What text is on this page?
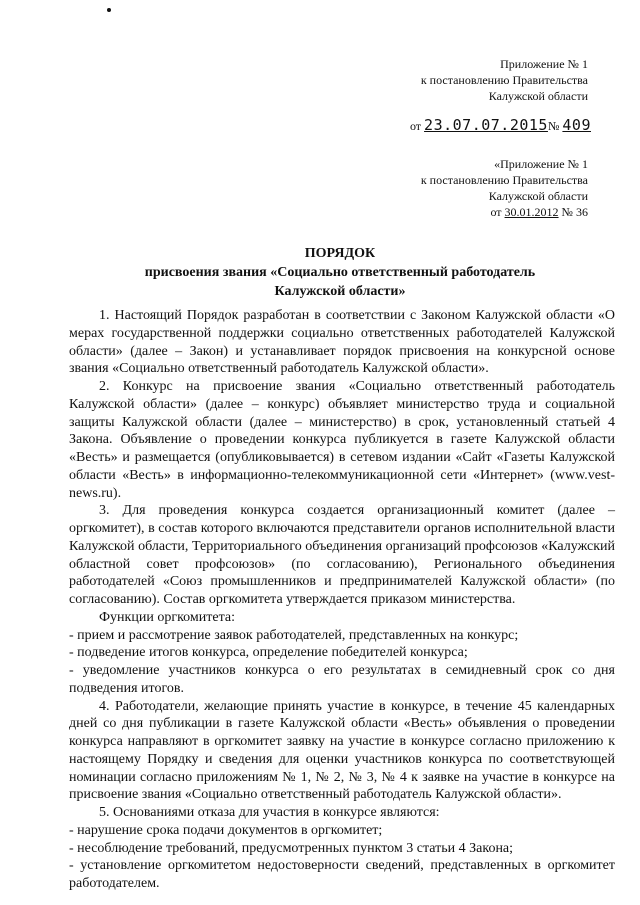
Приложение № 1
к постановлению Правительства
Калужской области
от 23.07.07.2015№ 409
«Приложение № 1
к постановлению Правительства
Калужской области
от 30.01.2012 № 36
ПОРЯДОК
присвоения звания «Социально ответственный работодатель
Калужской области»

1. Настоящий Порядок разработан в соответствии с Законом Калужской области «О мерах государственной поддержки социально ответственных работодателей Калужской области» (далее – Закон) и устанавливает порядок присвоения на конкурсной основе звания «Социально ответственный работодатель Калужской области».

2. Конкурс на присвоение звания «Социально ответственный работодатель Калужской области» (далее – конкурс) объявляет министерство труда и социальной защиты Калужской области (далее – министерство) в срок, установленный статьей 4 Закона. Объявление о проведении конкурса публикуется в газете Калужской области «Весть» и размещается (опубликовывается) в сетевом издании «Сайт «Газеты Калужской области «Весть» в информационно-телекоммуникационной сети «Интернет» (www.vest-news.ru).

3. Для проведения конкурса создается организационный комитет (далее – оргкомитет), в состав которого включаются представители органов исполнительной власти Калужской области, Территориального объединения организаций профсоюзов «Калужский областной совет профсоюзов» (по согласованию), Регионального объединения работодателей «Союз промышленников и предпринимателей Калужской области» (по согласованию). Состав оргкомитета утверждается приказом министерства.

Функции оргкомитета:

- прием и рассмотрение заявок работодателей, представленных на конкурс;

- подведение итогов конкурса, определение победителей конкурса;

- уведомление участников конкурса о его результатах в семидневный срок со дня подведения итогов.

4. Работодатели, желающие принять участие в конкурсе, в течение 45 календарных дней со дня публикации в газете Калужской области «Весть» объявления о проведении конкурса направляют в оргкомитет заявку на участие в конкурсе согласно приложению к настоящему Порядку и сведения для оценки участников конкурса по соответствующей номинации согласно приложениям № 1, № 2, № 3, № 4 к заявке на участие в конкурсе на присвоение звания «Социально ответственный работодатель Калужской области».

5. Основаниями отказа для участия в конкурсе являются:

- нарушение срока подачи документов в оргкомитет;

- несоблюдение требований, предусмотренных пунктом 3 статьи 4 Закона;

- установление оргкомитетом недостоверности сведений, представленных в оргкомитет работодателем.
